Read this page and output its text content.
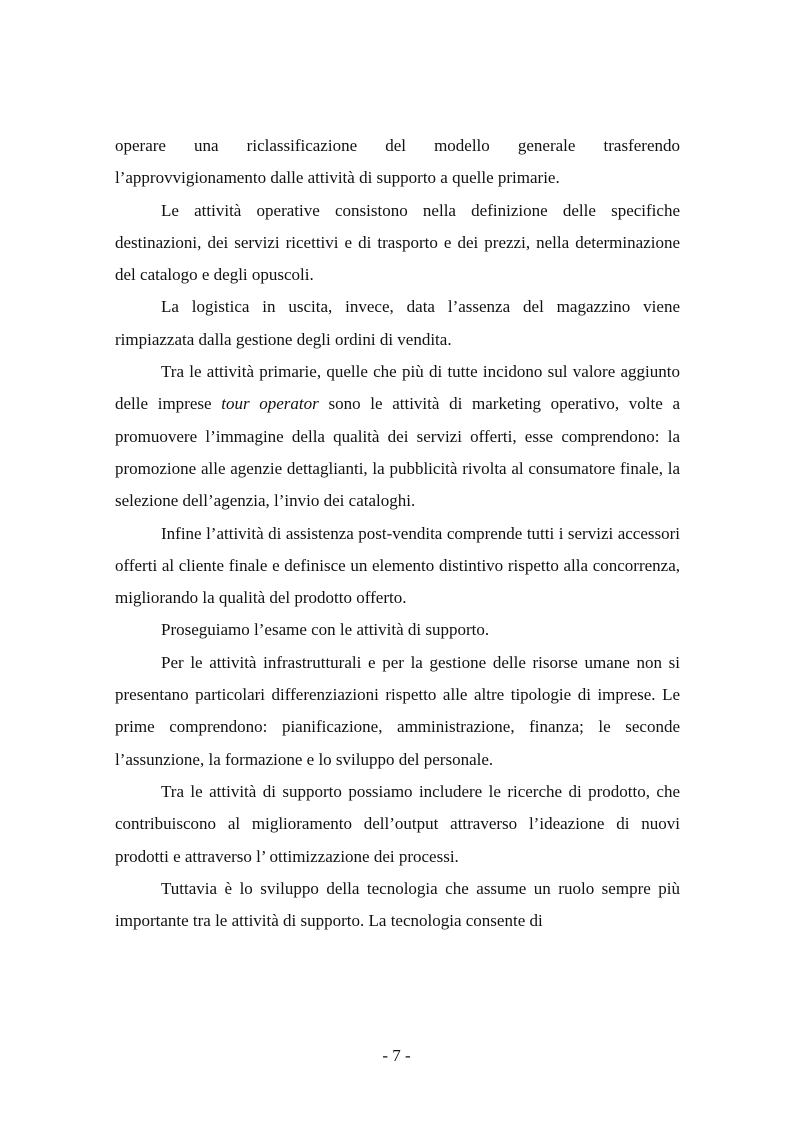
operare una riclassificazione del modello generale trasferendo l’approvvigionamento dalle attività di supporto a quelle primarie.

Le attività operative consistono nella definizione delle specifiche destinazioni, dei servizi ricettivi e di trasporto e dei prezzi, nella determinazione del catalogo e degli opuscoli.

La logistica in uscita, invece, data l’assenza del magazzino viene rimpiazzata dalla gestione degli ordini di vendita.

Tra le attività primarie, quelle che più di tutte incidono sul valore aggiunto delle imprese tour operator sono le attività di marketing operativo, volte a promuovere l’immagine della qualità dei servizi offerti, esse comprendono: la promozione alle agenzie dettaglianti, la pubblicità rivolta al consumatore finale, la selezione dell’agenzia, l’invio dei cataloghi.

Infine l’attività di assistenza post-vendita comprende tutti i servizi accessori offerti al cliente finale e definisce un elemento distintivo rispetto alla concorrenza, migliorando la qualità del prodotto offerto.

Proseguiamo l’esame con le attività di supporto.

Per le attività infrastrutturali e per la gestione delle risorse umane non si presentano particolari differenziazioni rispetto alle altre tipologie di imprese. Le prime comprendono: pianificazione, amministrazione, finanza; le seconde l’assunzione, la formazione e lo sviluppo del personale.

Tra le attività di supporto possiamo includere le ricerche di prodotto, che contribuiscono al miglioramento dell’output attraverso l’ideazione di nuovi prodotti e attraverso l’ ottimizzazione dei processi.

Tuttavia è lo sviluppo della tecnologia che assume un ruolo sempre più importante tra le attività di supporto. La tecnologia consente di

- 7 -
